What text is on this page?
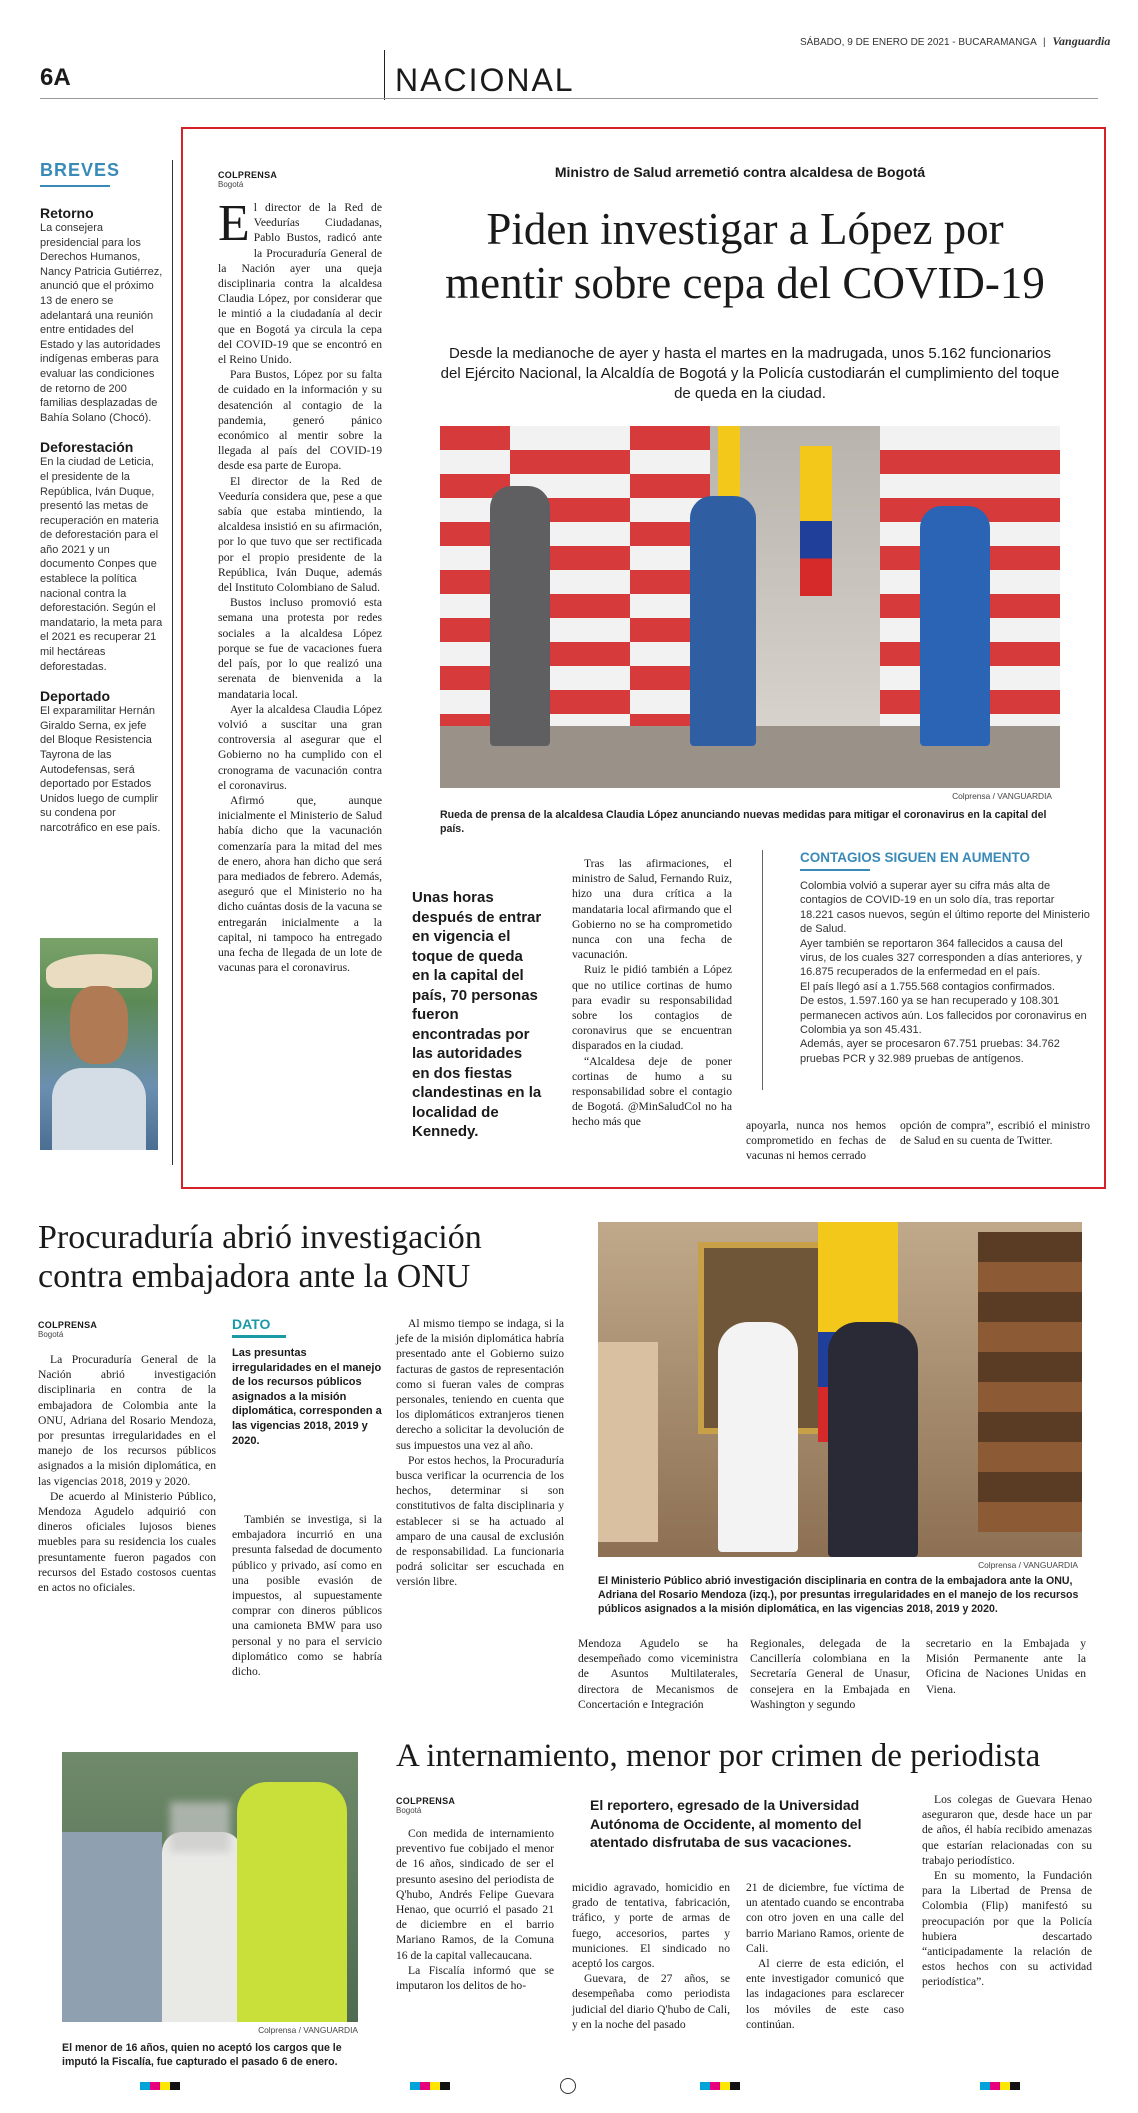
SÁBADO, 9 DE ENERO DE 2021 - BUCARAMANGA | Vanguardia
6A	NACIONAL
BREVES
Retorno
La consejera presidencial para los Derechos Humanos, Nancy Patricia Gutiérrez, anunció que el próximo 13 de enero se adelantará una reunión entre entidades del Estado y las autoridades indígenas emberas para evaluar las condiciones de retorno de 200 familias desplazadas de Bahía Solano (Chocó).
Deforestación
En la ciudad de Leticia, el presidente de la República, Iván Duque, presentó las metas de recuperación en materia de deforestación para el año 2021 y un documento Conpes que establece la política nacional contra la deforestación. Según el mandatario, la meta para el 2021 es recuperar 21 mil hectáreas deforestadas.
Deportado
El exparamilitar Hernán Giraldo Serna, ex jefe del Bloque Resistencia Tayrona de las Autodefensas, será deportado por Estados Unidos luego de cumplir su condena por narcotráfico en ese país.
COLPRENSA
Bogotá
Ministro de Salud arremetió contra alcaldesa de Bogotá
Piden investigar a López por
mentir sobre cepa del COVID-19
Desde la medianoche de ayer y hasta el martes en la madrugada, unos 5.162 funcionarios del Ejército Nacional, la Alcaldía de Bogotá y la Policía custodiarán el cumplimiento del toque de queda en la ciudad.
Colprensa / VANGUARDIA
Rueda de prensa de la alcaldesa Claudia López anunciando nuevas medidas para mitigar el coronavirus en la capital del país.

El director de la Red de Veedurías Ciudadanas, Pablo Bustos, radicó ante la Procuraduría General de la Nación ayer una queja disciplinaria contra la alcaldesa Claudia López, por considerar que le mintió a la ciudadanía al decir que en Bogotá ya circula la cepa del COVID-19 que se encontró en el Reino Unido.

Para Bustos, López por su falta de cuidado en la información y su desatención al contagio de la pandemia, generó pánico económico al mentir sobre la llegada al país del COVID-19 desde esa parte de Europa.

El director de la Red de Veeduría considera que, pese a que sabía que estaba mintiendo, la alcaldesa insistió en su afirmación, por lo que tuvo que ser rectificada por el propio presidente de la República, Iván Duque, además del Instituto Colombiano de Salud.

Bustos incluso promovió esta semana una protesta por redes sociales a la alcaldesa López porque se fue de vacaciones fuera del país, por lo que realizó una serenata de bienvenida a la mandataria local.

Ayer la alcaldesa Claudia López volvió a suscitar una gran controversia al asegurar que el Gobierno no ha cumplido con el cronograma de vacunación contra el coronavirus.

Afirmó que, aunque inicialmente el Ministerio de Salud había dicho que la vacunación comenzaría para la mitad del mes de enero, ahora han dicho que será para mediados de febrero. Además, aseguró que el Ministerio no ha dicho cuántas dosis de la vacuna se entregarán inicialmente a la capital, ni tampoco ha entregado una fecha de llegada de un lote de vacunas para el coronavirus.

Unas horas después de entrar en vigencia el toque de queda en la capital del país, 70 personas fueron encontradas por las autoridades en dos fiestas clandestinas en la localidad de Kennedy.

Tras las afirmaciones, el ministro de Salud, Fernando Ruiz, hizo una dura crítica a la mandataria local afirmando que el Gobierno no se ha comprometido nunca con una fecha de vacunación.

Ruiz le pidió también a López que no utilice cortinas de humo para evadir su responsabilidad sobre los contagios de coronavirus que se encuentran disparados en la ciudad.

“Alcaldesa deje de poner cortinas de humo a su responsabilidad sobre el contagio de Bogotá. @MinSaludCol no ha hecho más que	apoyarla, nunca nos hemos comprometido en fechas de vacunas ni hemos cerrado

opción de compra”, escribió el ministro de Salud en su cuenta de Twitter.

CONTAGIOS SIGUEN EN AUMENTO
Colombia volvió a superar ayer su cifra más alta de contagios de COVID-19 en un solo día, tras reportar 18.221 casos nuevos, según el último reporte del Ministerio de Salud.
Ayer también se reportaron 364 fallecidos a causa del virus, de los cuales 327 corresponden a días anteriores, y 16.875 recuperados de la enfermedad en el país.
El país llegó así a 1.755.568 contagios confirmados.
De estos, 1.597.160 ya se han recuperado y 108.301 permanecen activos aún. Los fallecidos por coronavirus en Colombia ya son 45.431.
Además, ayer se procesaron 67.751 pruebas: 34.762 pruebas PCR y 32.989 pruebas de antígenos.
Procuraduría abrió investigación
contra embajadora ante la ONU
COLPRENSA
Bogotá

La Procuraduría General de la Nación abrió investigación disciplinaria en contra de la embajadora de Colombia ante la ONU, Adriana del Rosario Mendoza, por presuntas irregularidades en el manejo de los recursos públicos asignados a la misión diplomática, en las vigencias 2018, 2019 y 2020.

De acuerdo al Ministerio Público, Mendoza Agudelo adquirió con dineros oficiales lujosos bienes muebles para su residencia los cuales presuntamente fueron pagados con recursos del Estado costosos cuentas en actos no oficiales.

DATO
Las presuntas irregularidades en el manejo de los recursos públicos asignados a la misión diplomática, corresponden a las vigencias 2018, 2019 y 2020.

También se investiga, si la embajadora incurrió en una presunta falsedad de documento público y privado, así como en una posible evasión de impuestos, al supuestamente comprar con dineros públicos una camioneta BMW para uso personal y no para el servicio diplomático como se habría dicho.

Al mismo tiempo se indaga, si la jefe de la misión diplomática habría presentado ante el Gobierno suizo facturas de gastos de representación como si fueran vales de compras personales, teniendo en cuenta que los diplomáticos extranjeros tienen derecho a solicitar la devolución de sus impuestos una vez al año.

Por estos hechos, la Procuraduría busca verificar la ocurrencia de los hechos, determinar si son constitutivos de falta disciplinaria y establecer si se ha actuado al amparo de una causal de exclusión de responsabilidad. La funcionaria podrá solicitar ser escuchada en versión libre.

Colprensa / VANGUARDIA
El Ministerio Público abrió investigación disciplinaria en contra de la embajadora ante la ONU, Adriana del Rosario Mendoza (izq.), por presuntas irregularidades en el manejo de los recursos públicos asignados a la misión diplomática, en las vigencias 2018, 2019 y 2020.

Mendoza Agudelo se ha desempeñado como viceministra de Asuntos Multilaterales, directora de Mecanismos de Concertación e Integración

Regionales, delegada de la Cancillería colombiana en la Secretaría General de Unasur, consejera en la Embajada en Washington y segundo

secretario en la Embajada y Misión Permanente ante la Oficina de Naciones Unidas en Viena.

Colprensa / VANGUARDIA
El menor de 16 años, quien no aceptó los cargos que le imputó la Fiscalía, fue capturado el pasado 6 de enero.
A internamiento, menor por crimen de periodista
COLPRENSA
Bogotá	El reportero, egresado de la Universidad Autónoma de Occidente, al momento del atentado disfrutaba de sus vacaciones.

Con medida de internamiento preventivo fue cobijado el menor de 16 años, sindicado de ser el presunto asesino del periodista de Q'hubo, Andrés Felipe Guevara Henao, que ocurrió el pasado 21 de diciembre en el barrio Mariano Ramos, de la Comuna 16 de la capital vallecaucana.

La Fiscalía informó que se imputaron los delitos de ho-

micidio agravado, homicidio en grado de tentativa, fabricación, tráfico, y porte de armas de fuego, accesorios, partes y municiones. El sindicado no aceptó los cargos.

Guevara, de 27 años, se desempeñaba como periodista judicial del diario Q'hubo de Cali, y en la noche del pasado

21 de diciembre, fue víctima de un atentado cuando se encontraba con otro joven en una calle del barrio Mariano Ramos, oriente de Cali.

Al cierre de esta edición, el ente investigador comunicó que las indagaciones para esclarecer los móviles de este caso continúan.

Los colegas de Guevara Henao aseguraron que, desde hace un par de años, él había recibido amenazas que estarían relacionadas con su trabajo periodístico.

En su momento, la Fundación para la Libertad de Prensa de Colombia (Flip) manifestó su preocupación por que la Policía hubiera descartado “anticipadamente la relación de estos hechos con su actividad periodística”.
